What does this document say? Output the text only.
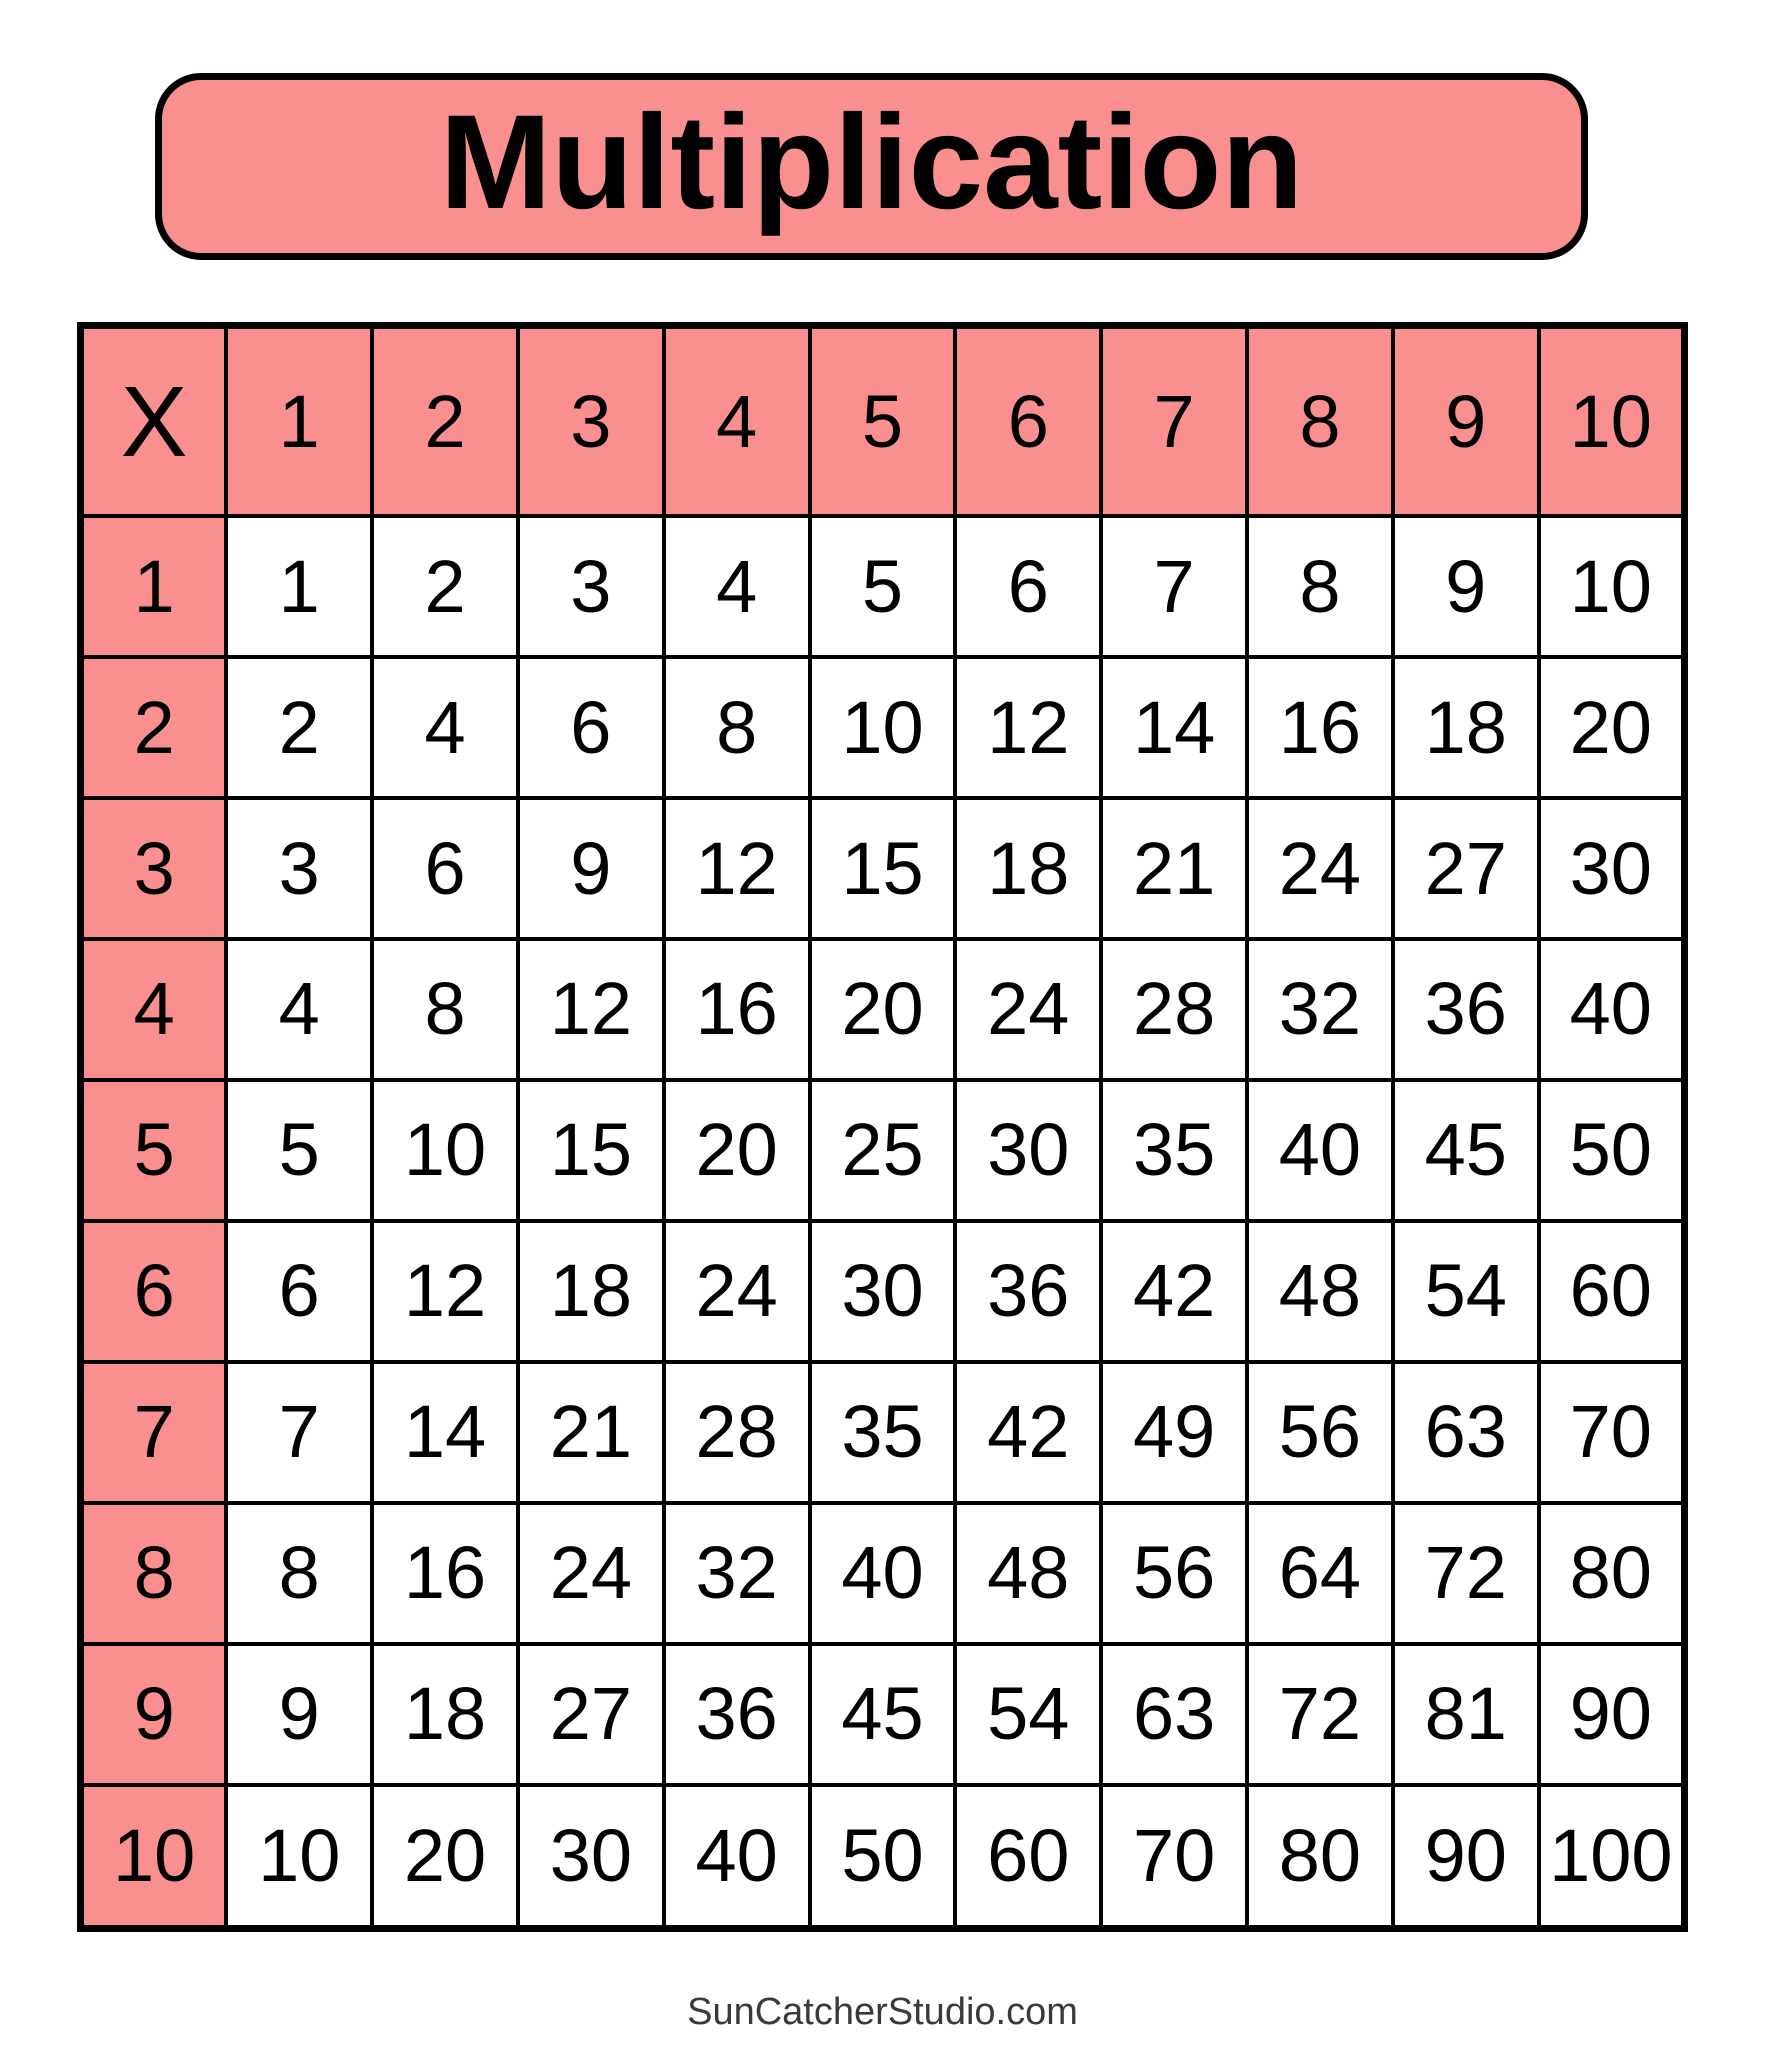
Multiplication
X	1	2	3	4	5	6	7	8	9	10
1	1	2	3	4	5	6	7	8	9	10
2	2	4	6	8	10	12	14	16	18	20
3	3	6	9	12	15	18	21	24	27	30
4	4	8	12	16	20	24	28	32	36	40
5	5	10	15	20	25	30	35	40	45	50
6	6	12	18	24	30	36	42	48	54	60
7	7	14	21	28	35	42	49	56	63	70
8	8	16	24	32	40	48	56	64	72	80
9	9	18	27	36	45	54	63	72	81	90
10	10	20	30	40	50	60	70	80	90	100
SunCatcherStudio.com
